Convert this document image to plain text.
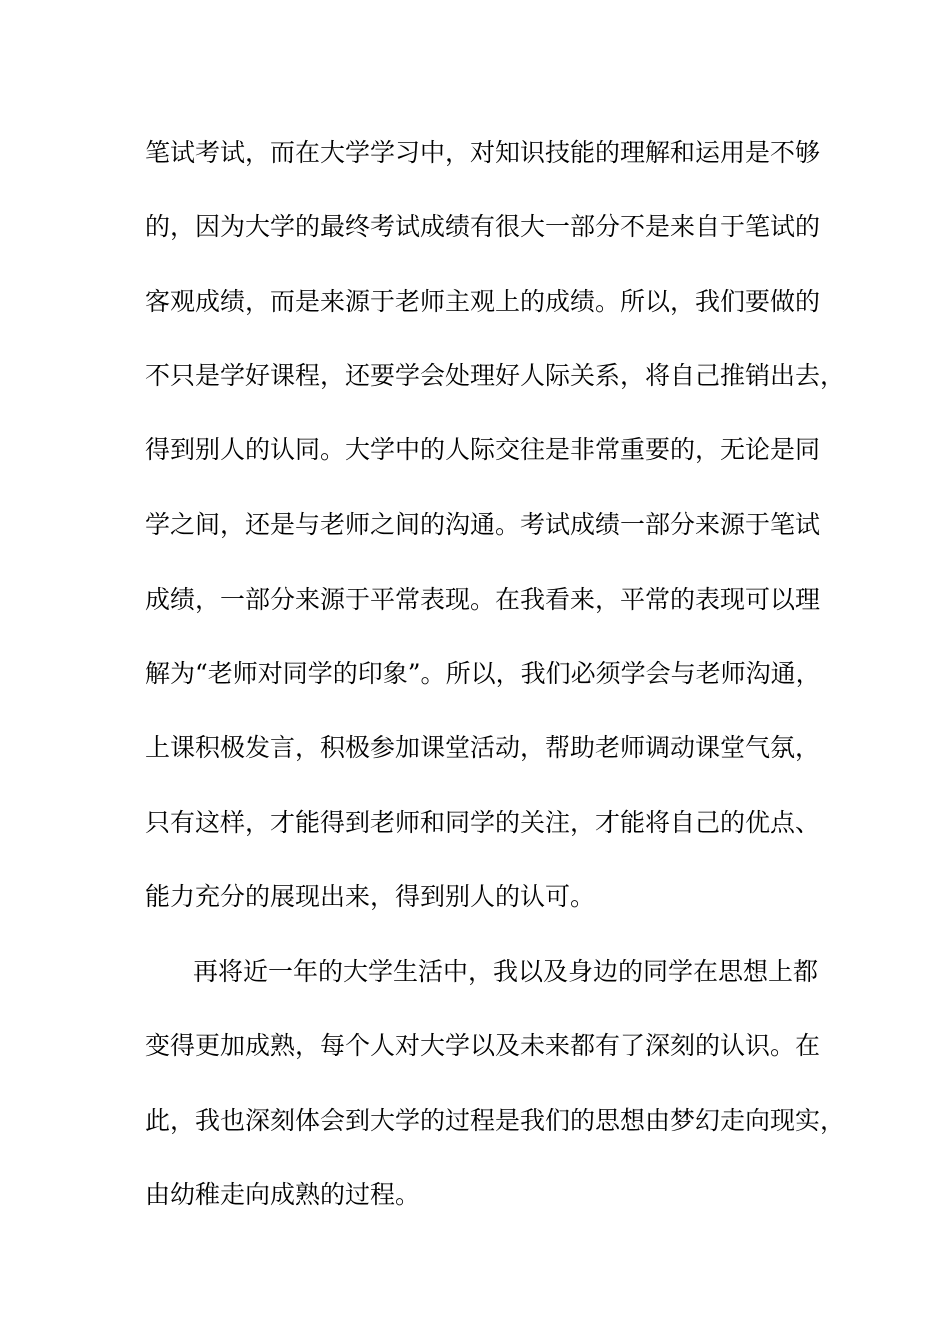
笔试考试，而在大学学习中，对知识技能的理解和运用是不够
的，因为大学的最终考试成绩有很大一部分不是来自于笔试的
客观成绩，而是来源于老师主观上的成绩。所以，我们要做的
不只是学好课程，还要学会处理好人际关系，将自己推销出去，
得到别人的认同。大学中的人际交往是非常重要的，无论是同
学之间，还是与老师之间的沟通。考试成绩一部分来源于笔试
成绩，一部分来源于平常表现。在我看来，平常的表现可以理
解为“老师对同学的印象”。所以，我们必须学会与老师沟通，
上课积极发言，积极参加课堂活动，帮助老师调动课堂气氛，
只有这样，才能得到老师和同学的关注，才能将自己的优点、
能力充分的展现出来，得到别人的认可。
再将近一年的大学生活中，我以及身边的同学在思想上都
变得更加成熟，每个人对大学以及未来都有了深刻的认识。在
此，我也深刻体会到大学的过程是我们的思想由梦幻走向现实，
由幼稚走向成熟的过程。
